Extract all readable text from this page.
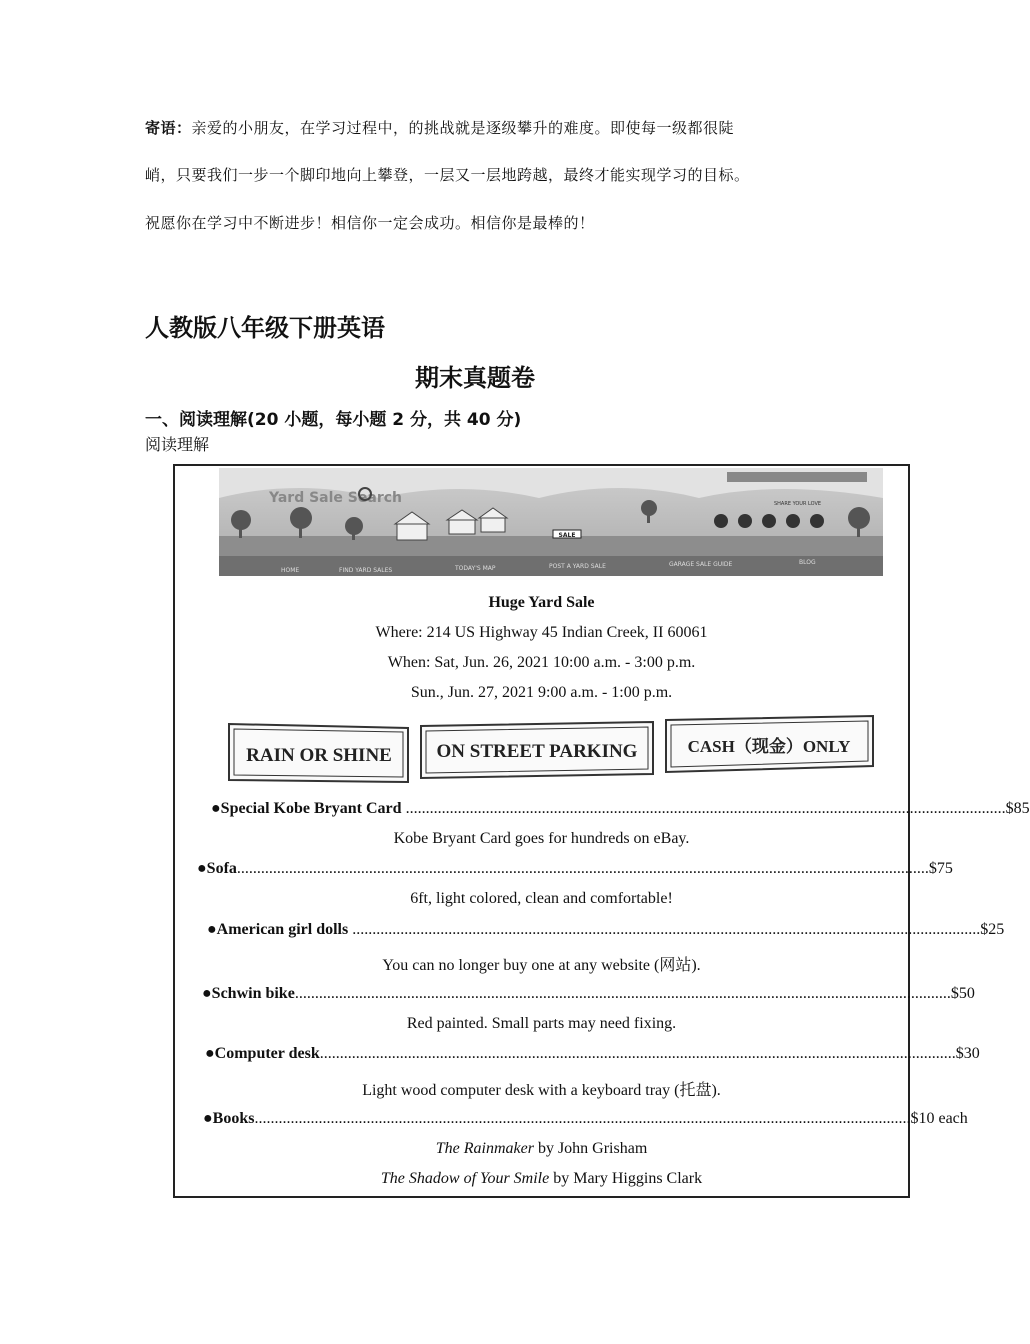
寄语：亲爱的小朋友，在学习过程中，的挑战就是逐级攀升的难度。即使每一级都很陡
峭，只要我们一步一个脚印地向上攀登，一层又一层地跨越，最终才能实现学习的目标。
祝愿你在学习中不断进步！相信你一定会成功。相信你是最棒的！
人教版八年级下册英语
期末真题卷
一、阅读理解(20 小题，每小题 2 分，共 40 分)
阅读理解
SALE
Yard Sale Search	SHARE YOUR LOVE
HOME	FIND YARD SALES	TODAY'S MAP	POST A YARD SALE	GARAGE SALE GUIDE	BLOG
Huge Yard Sale
Where: 214 US Highway 45 Indian Creek, II 60061
When: Sat, Jun. 26, 2021 10:00 a.m. - 3:00 p.m.
Sun., Jun. 27, 2021 9:00 a.m. - 1:00 p.m.
RAIN OR SHINE ON STREET PARKING	CASH（现金）ONLY
●Special Kobe Bryant Card ...................................................................................................................................................... $85
Kobe Bryant Card goes for hundreds on eBay.
●Sofa ............................................................................................................................................................................. $75

6ft, light colored, clean and comfortable!
●American girl dolls ............................................................................................................................................................. $25
You can no longer buy one at any website (网站).
●Schwin bike .................................................................................................................................................................... $50
Red painted. Small parts may need fixing.
●Computer desk ............................................................................................................................................................... $30
Light wood computer desk with a keyboard tray (托盘).
●Books .................................................................................................................................................................... $10 each
The Rainmaker by John Grisham
The Shadow of Your Smile by Mary Higgins Clark
